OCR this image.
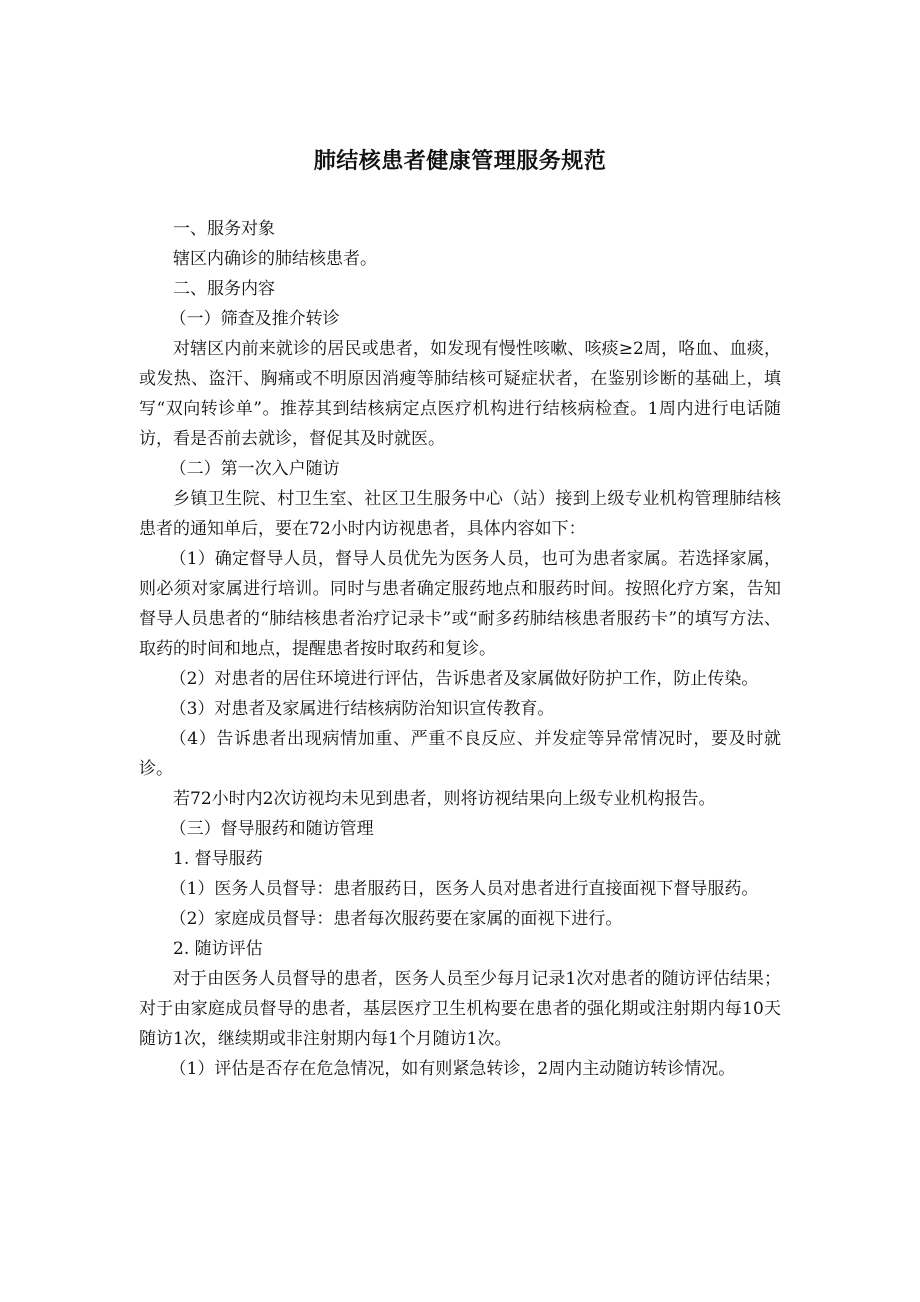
肺结核患者健康管理服务规范

一、服务对象

辖区内确诊的肺结核患者。

二、服务内容

（一）筛查及推介转诊

对辖区内前来就诊的居民或患者，如发现有慢性咳嗽、咳痰≥2周，咯血、血痰，或发热、盗汗、胸痛或不明原因消瘦等肺结核可疑症状者，在鉴别诊断的基础上，填写“双向转诊单”。推荐其到结核病定点医疗机构进行结核病检查。1周内进行电话随访，看是否前去就诊，督促其及时就医。

（二）第一次入户随访

乡镇卫生院、村卫生室、社区卫生服务中心（站）接到上级专业机构管理肺结核患者的通知单后，要在72小时内访视患者，具体内容如下：

（1）确定督导人员，督导人员优先为医务人员，也可为患者家属。若选择家属，则必须对家属进行培训。同时与患者确定服药地点和服药时间。按照化疗方案，告知督导人员患者的“肺结核患者治疗记录卡”或“耐多药肺结核患者服药卡”的填写方法、取药的时间和地点，提醒患者按时取药和复诊。

（2）对患者的居住环境进行评估，告诉患者及家属做好防护工作，防止传染。

（3）对患者及家属进行结核病防治知识宣传教育。

（4）告诉患者出现病情加重、严重不良反应、并发症等异常情况时，要及时就诊。

若72小时内2次访视均未见到患者，则将访视结果向上级专业机构报告。

（三）督导服药和随访管理

1. 督导服药

（1）医务人员督导：患者服药日，医务人员对患者进行直接面视下督导服药。

（2）家庭成员督导：患者每次服药要在家属的面视下进行。

2. 随访评估

对于由医务人员督导的患者，医务人员至少每月记录1次对患者的随访评估结果；对于由家庭成员督导的患者，基层医疗卫生机构要在患者的强化期或注射期内每10天随访1次，继续期或非注射期内每1个月随访1次。

（1）评估是否存在危急情况，如有则紧急转诊，2周内主动随访转诊情况。
